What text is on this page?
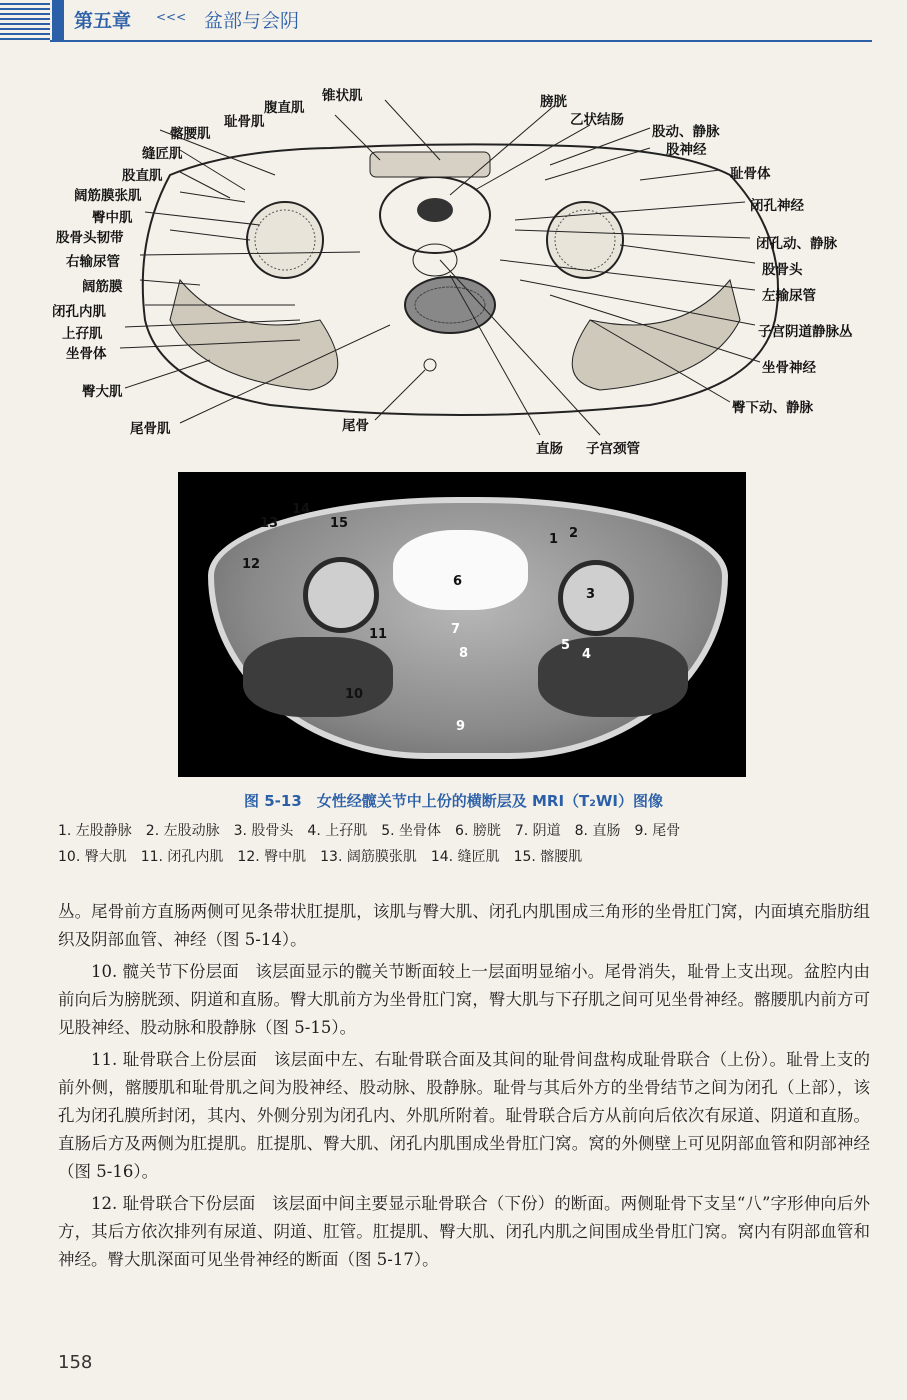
第五章 <<< 盆部与会阴
腹直肌
锥状肌
髂腰肌
耻骨肌
缝匠肌
股直肌
阔筋膜张肌
臀中肌
股骨头韧带
右输尿管
阔筋膜
闭孔内肌
上孖肌
坐骨体
臀大肌
尾骨肌	尾骨
直肠 子宫颈管
膀胱
乙状结肠
股动、静脉
股神经
耻骨体
闭孔神经
闭孔动、静脉
股骨头
左输尿管
子宫阴道静脉丛
坐骨神经
臀下动、静脉
1 2
3
4
5
6
7
8
9
10
11
12
13
14
15
图 5-13　女性经髋关节中上份的横断层及 MRI（T₂WI）图像
1. 左股静脉　2. 左股动脉　3. 股骨头　4. 上孖肌　5. 坐骨体　6. 膀胱　7. 阴道　8. 直肠　9. 尾骨
10. 臀大肌　11. 闭孔内肌　12. 臀中肌　13. 阔筋膜张肌　14. 缝匠肌　15. 髂腰肌

丛。尾骨前方直肠两侧可见条带状肛提肌，该肌与臀大肌、闭孔内肌围成三角形的坐骨肛门窝，内面填充脂肪组织及阴部血管、神经（图 5-14）。

10. 髋关节下份层面　该层面显示的髋关节断面较上一层面明显缩小。尾骨消失，耻骨上支出现。盆腔内由前向后为膀胱颈、阴道和直肠。臀大肌前方为坐骨肛门窝，臀大肌与下孖肌之间可见坐骨神经。髂腰肌内前方可见股神经、股动脉和股静脉（图 5-15）。

11. 耻骨联合上份层面　该层面中左、右耻骨联合面及其间的耻骨间盘构成耻骨联合（上份）。耻骨上支的前外侧，髂腰肌和耻骨肌之间为股神经、股动脉、股静脉。耻骨与其后外方的坐骨结节之间为闭孔（上部），该孔为闭孔膜所封闭，其内、外侧分别为闭孔内、外肌所附着。耻骨联合后方从前向后依次有尿道、阴道和直肠。直肠后方及两侧为肛提肌。肛提肌、臀大肌、闭孔内肌围成坐骨肛门窝。窝的外侧壁上可见阴部血管和阴部神经（图 5-16）。

12. 耻骨联合下份层面　该层面中间主要显示耻骨联合（下份）的断面。两侧耻骨下支呈“八”字形伸向后外方，其后方依次排列有尿道、阴道、肛管。肛提肌、臀大肌、闭孔内肌之间围成坐骨肛门窝。窝内有阴部血管和神经。臀大肌深面可见坐骨神经的断面（图 5-17）。

158
